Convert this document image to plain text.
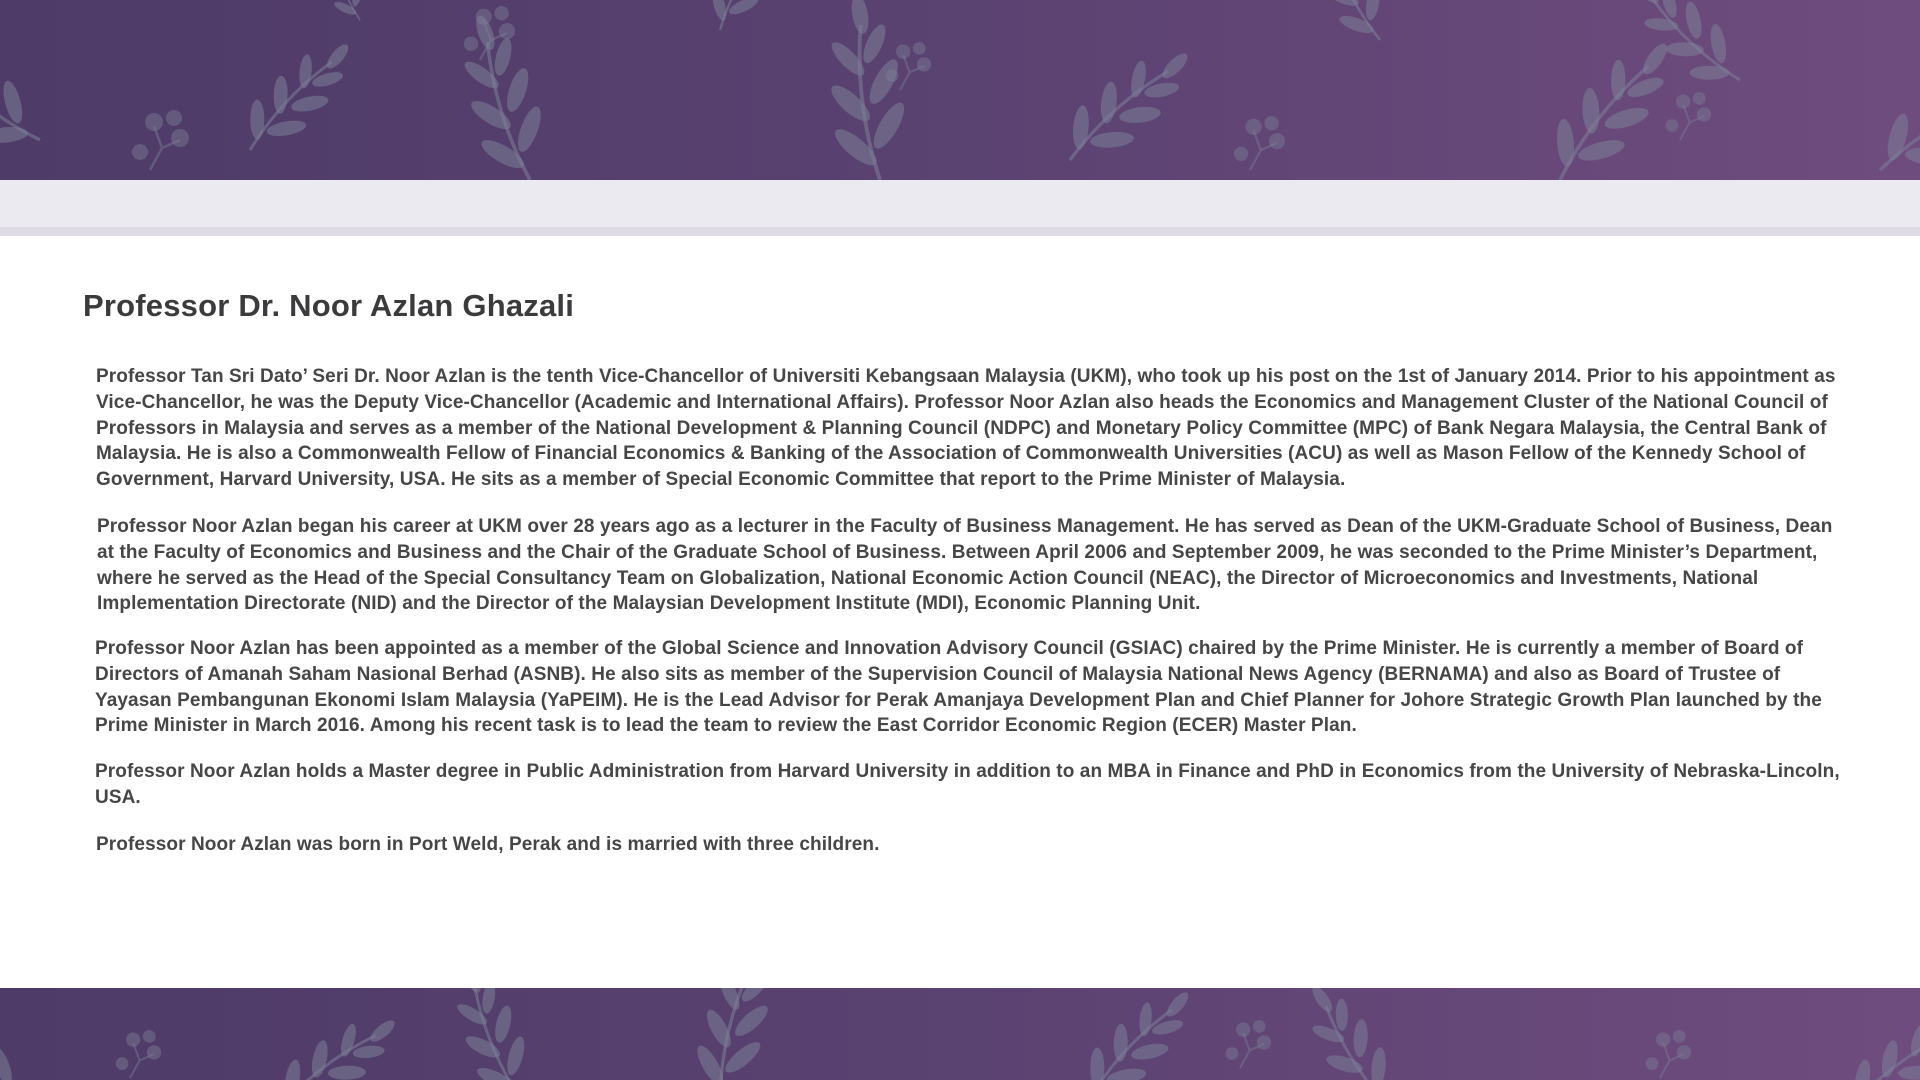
Professor Dr. Noor Azlan Ghazali

Professor Tan Sri Dato’ Seri Dr. Noor Azlan is the tenth Vice-Chancellor of Universiti Kebangsaan Malaysia (UKM), who took up his post on the 1st of January 2014. Prior to his appointment as Vice-Chancellor, he was the Deputy Vice-Chancellor (Academic and International Affairs). Professor Noor Azlan also heads the Economics and Management Cluster of the National Council of Professors in Malaysia and serves as a member of the National Development & Planning Council (NDPC) and Monetary Policy Committee (MPC) of Bank Negara Malaysia, the Central Bank of Malaysia. He is also a Commonwealth Fellow of Financial Economics & Banking of the Association of Commonwealth Universities (ACU) as well as Mason Fellow of the Kennedy School of Government, Harvard University, USA. He sits as a member of Special Economic Committee that report to the Prime Minister of Malaysia.

Professor Noor Azlan began his career at UKM over 28 years ago as a lecturer in the Faculty of Business Management. He has served as Dean of the UKM-Graduate School of Business, Dean at the Faculty of Economics and Business and the Chair of the Graduate School of Business. Between April 2006 and September 2009, he was seconded to the Prime Minister’s Department, where he served as the Head of the Special Consultancy Team on Globalization, National Economic Action Council (NEAC), the Director of Microeconomics and Investments, National Implementation Directorate (NID) and the Director of the Malaysian Development Institute (MDI), Economic Planning Unit.

Professor Noor Azlan has been appointed as a member of the Global Science and Innovation Advisory Council (GSIAC) chaired by the Prime Minister. He is currently a member of Board of Directors of Amanah Saham Nasional Berhad (ASNB). He also sits as member of the Supervision Council of Malaysia National News Agency (BERNAMA) and also as Board of Trustee of Yayasan Pembangunan Ekonomi Islam Malaysia (YaPEIM). He is the Lead Advisor for Perak Amanjaya Development Plan and Chief Planner for Johore Strategic Growth Plan launched by the Prime Minister in March 2016. Among his recent task is to lead the team to review the East Corridor Economic Region (ECER) Master Plan.

Professor Noor Azlan holds a Master degree in Public Administration from Harvard University in addition to an MBA in Finance and PhD in Economics from the University of Nebraska-Lincoln, USA.

Professor Noor Azlan was born in Port Weld, Perak and is married with three children.
